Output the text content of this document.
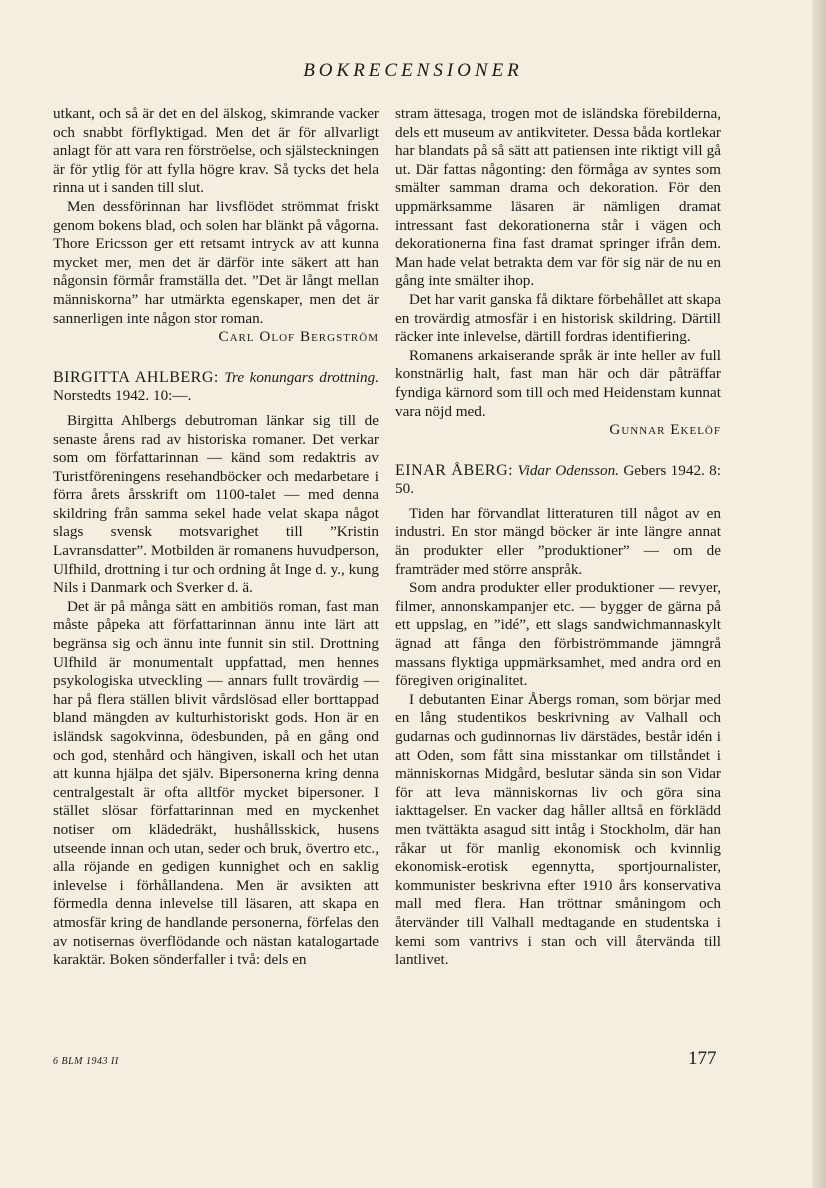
BOKRECENSIONER

utkant, och så är det en del älskog, skimrande vacker och snabbt förflyktigad. Men det är för allvarligt anlagt för att vara ren förströelse, och själsteckningen är för ytlig för att fylla högre krav. Så tycks det hela rinna ut i sanden till slut.

Men dessförinnan har livsflödet strömmat friskt genom bokens blad, och solen har blänkt på vågorna. Thore Ericsson ger ett retsamt intryck av att kunna mycket mer, men det är därför inte säkert att han någonsin förmår framställa det. ”Det är långt mellan människorna” har utmärkta egenskaper, men det är sannerligen inte någon stor roman.

Carl Olof Bergström
BIRGITTA AHLBERG: Tre konungars drottning. Norstedts 1942. 10:—.

Birgitta Ahlbergs debutroman länkar sig till de senaste årens rad av historiska romaner. Det verkar som om författarinnan — känd som redaktris av Turistföreningens resehandböcker och medarbetare i förra årets årsskrift om 1100-talet — med denna skildring från samma sekel hade velat skapa något slags svensk motsvarighet till ”Kristin Lavransdatter”. Motbilden är romanens huvudperson, Ulfhild, drottning i tur och ordning åt Inge d. y., kung Nils i Danmark och Sverker d. ä.

Det är på många sätt en ambitiös roman, fast man måste påpeka att författarinnan ännu inte lärt att begränsa sig och ännu inte funnit sin stil. Drottning Ulfhild är monumentalt uppfattad, men hennes psykologiska utveckling — annars fullt trovärdig — har på flera ställen blivit vårdslösad eller borttappad bland mängden av kulturhistoriskt gods. Hon är en isländsk sagokvinna, ödesbunden, på en gång ond och god, stenhård och hängiven, iskall och het utan att kunna hjälpa det själv. Bipersonerna kring denna centralgestalt är ofta alltför mycket bipersoner. I stället slösar författarinnan med en myckenhet notiser om klädedräkt, hushållsskick, husens utseende innan och utan, seder och bruk, övertro etc., alla röjande en gedigen kunnighet och en saklig inlevelse i förhållandena. Men är avsikten att förmedla denna inlevelse till läsaren, att skapa en atmosfär kring de handlande personerna, förfelas den av notisernas överflödande och nästan katalogartade karaktär. Boken sönderfaller i två: dels en

stram ättesaga, trogen mot de isländska förebilderna, dels ett museum av antikviteter. Dessa båda kortlekar har blandats på så sätt att patiensen inte riktigt vill gå ut. Där fattas någonting: den förmåga av syntes som smälter samman drama och dekoration. För den uppmärksamme läsaren är nämligen dramat intressant fast dekorationerna står i vägen och dekorationerna fina fast dramat springer ifrån dem. Man hade velat betrakta dem var för sig när de nu en gång inte smälter ihop.

Det har varit ganska få diktare förbehållet att skapa en trovärdig atmosfär i en historisk skildring. Därtill räcker inte inlevelse, därtill fordras identifiering.

Romanens arkaiserande språk är inte heller av full konstnärlig halt, fast man här och där påträffar fyndiga kärnord som till och med Heidenstam kunnat vara nöjd med.

Gunnar Ekelöf
EINAR ÅBERG: Vidar Odensson. Gebers 1942. 8: 50.

Tiden har förvandlat litteraturen till något av en industri. En stor mängd böcker är inte längre annat än produkter eller ”produktioner” — om de framträder med större anspråk.

Som andra produkter eller produktioner — revyer, filmer, annonskampanjer etc. — bygger de gärna på ett uppslag, en ”idé”, ett slags sandwichmannaskylt ägnad att fånga den förbiströmmande jämngrå massans flyktiga uppmärksamhet, med andra ord en föregiven originalitet.

I debutanten Einar Åbergs roman, som börjar med en lång studentikos beskrivning av Valhall och gudarnas och gudinnornas liv därstädes, består idén i att Oden, som fått sina misstankar om tillståndet i människornas Midgård, beslutar sända sin son Vidar för att leva människornas liv och göra sina iakttagelser. En vacker dag håller alltså en förklädd men tvättäkta asagud sitt intåg i Stockholm, där han råkar ut för manlig ekonomisk och kvinnlig ekonomisk-erotisk egennytta, sportjournalister, kommunister beskrivna efter 1910 års konservativa mall med flera. Han tröttnar småningom och återvänder till Valhall medtagande en studentska i kemi som vantrivs i stan och vill återvända till lantlivet.

6 BLM 1943 II	177
